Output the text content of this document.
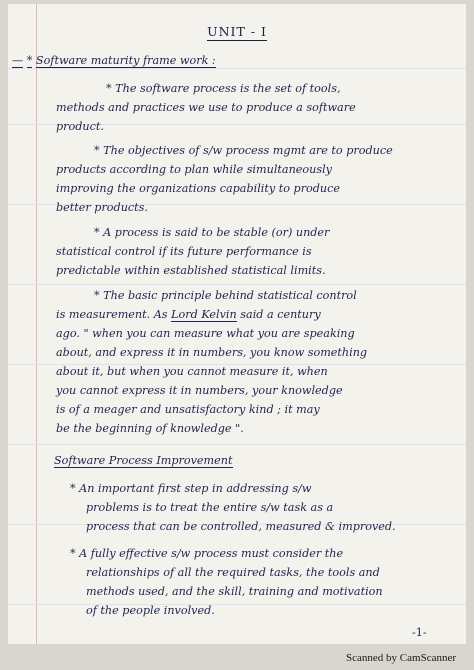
UNIT - I
— * Software maturity frame work :
* The software process is the set of tools,
methods and practices we use to produce a software
product.
* The objectives of s/w process mgmt are to produce
products according to plan while simultaneously
improving the organizations capability to produce
better products.
* A process is said to be stable (or) under
statistical control if its future performance is
predictable within established statistical limits.
* The basic principle behind statistical control
is measurement. As Lord Kelvin said a century
ago. " when you can measure what you are speaking
about, and express it in numbers, you know something
about it, but when you cannot measure it, when
you cannot express it in numbers, your knowledge
is of a meager and unsatisfactory kind ; it may
be the beginning of knowledge ".
Software Process Improvement
* An important first step in addressing s/w
problems is to treat the entire s/w task as a
process that can be controlled, measured & improved.
* A fully effective s/w process must consider the
relationships of all the required tasks, the tools and
methods used, and the skill, training and motivation
of the people involved.
-1-
Scanned by CamScanner
